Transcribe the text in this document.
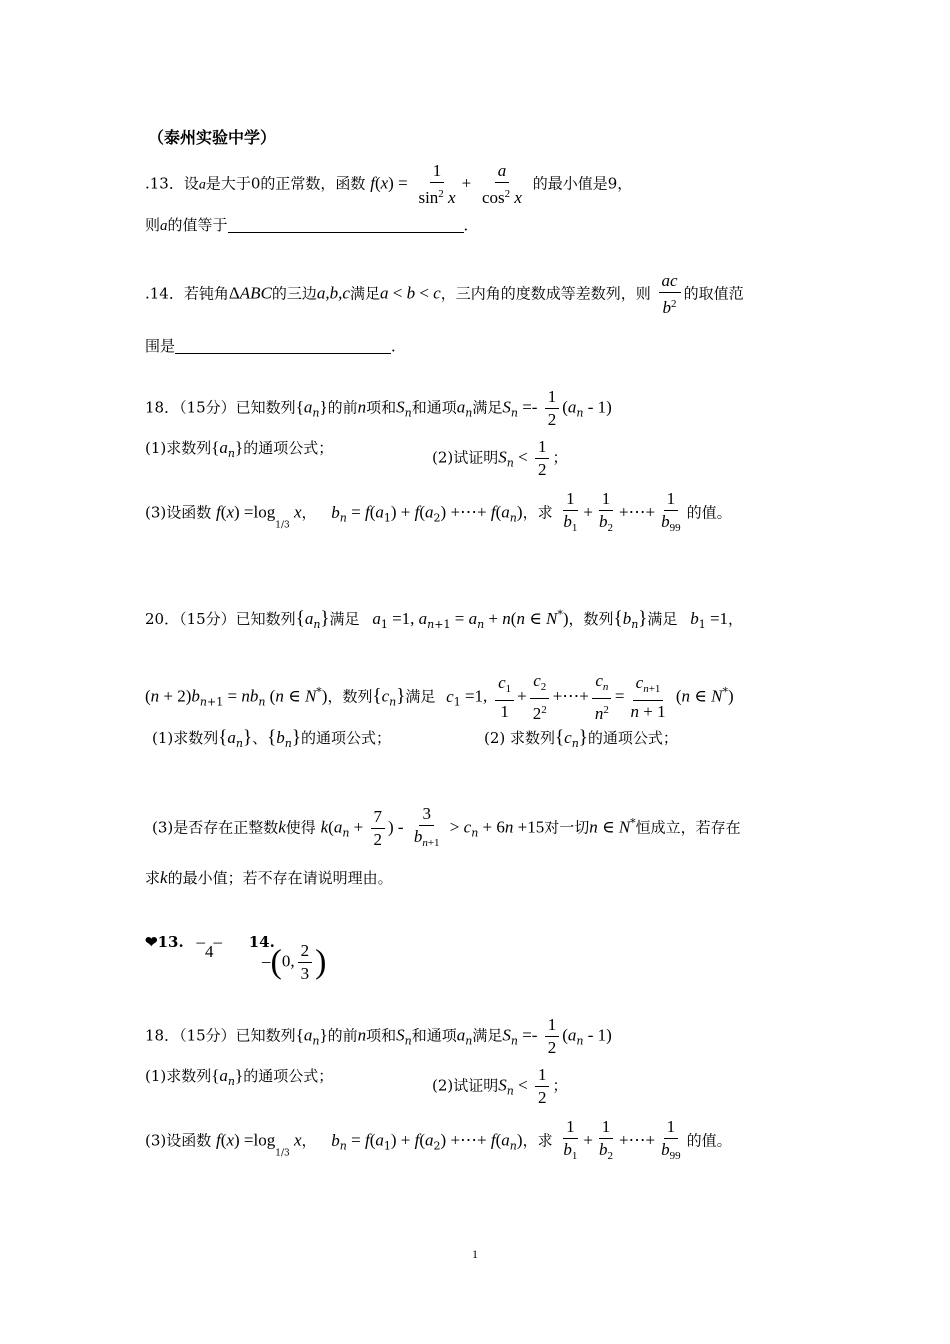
（泰州实验中学）
.13．设a是大于0的正常数，函数 $f(x) = \frac{1}{\sin^2 x} + \frac{a}{\cos^2 x}$ 的最小值是9，
则a的值等于	．
.14．若钝角ΔABC的三边a,b,c满足a < b < c，三内角的度数成等差数列，则 $\frac{ac}{b^2}$ 的取值范
围是	．
18．（15分）已知数列$\{a_n\}$的前n项和$S_n$和通项$a_n$满足$S_n =- \frac{1}{2} (a_n - 1)$
(1)求数列$\{a_n\}$的通项公式；
(2)试证明$S_n < \frac{1}{2}$ ；
(3)设函数 $f(x) =\log_{1/3}$ x， $b_n = f(a_1) + f(a_2)$ +⋯+ $f(a_n)$，求 $\frac{1}{b_1} + \frac{1}{b_2}$ +⋯+ $\frac{1}{b_{99}}$ 的值。
20．（15分）已知数列$\{a_n\}$满足 $a_1 =1$, $a_{n+1} = a_n + n(n$ ∈ N*)，数列$\{b_n\}$满足 $b_1 =1$，
$(n + 2)b_{n+1} = nb_n$ (n ∈ N*)，数列$\{c_n\}$满足 $c_1 =1$, $\frac{c_1}{1} + \frac{c_2}{2^2}$ +⋯+ $\frac{c_n}{n^2} = \frac{c_{n+1}}{n + 1} (n$ ∈ N*)
(1)求数列$\{a_n\}$、$\{b_n\}$的通项公式；	(2) 求数列$\{c_n\}$的通项公式；
(3)是否存在正整数k使得 $k(a_n + \frac{7}{2}$ ) - $\frac{3}{b_{n+1}} > c_n + 6n +15$对一切n ∈ N*恒成立，若存在
求k的最小值；若不存在请说明理由。
❤13. –4– 14.
–(0, $\frac{2}{3}$ )
18．（15分）已知数列$\{a_n\}$的前n项和$S_n$和通项$a_n$满足$S_n =- \frac{1}{2} (a_n - 1)$
(1)求数列$\{a_n\}$的通项公式；
(2)试证明$S_n < \frac{1}{2}$ ；
(3)设函数 $f(x) =\log_{1/3}$ x， $b_n = f(a_1) + f(a_2)$ +⋯+ $f(a_n)$，求 $\frac{1}{b_1} + \frac{1}{b_2}$ +⋯+ $\frac{1}{b_{99}}$ 的值。
1
